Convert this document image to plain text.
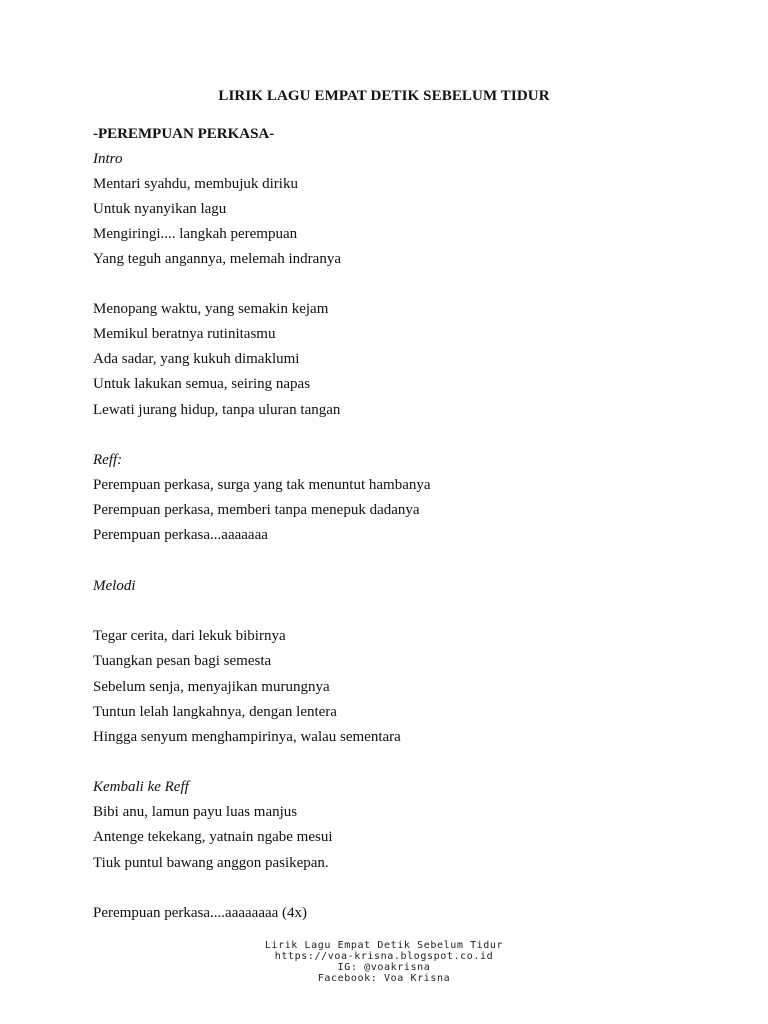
LIRIK LAGU EMPAT DETIK SEBELUM TIDUR
-PEREMPUAN PERKASA-
Intro
Mentari syahdu, membujuk diriku
Untuk nyanyikan lagu
Mengiringi.... langkah perempuan
Yang teguh angannya, melemah indranya
Menopang waktu, yang semakin kejam
Memikul beratnya rutinitasmu
Ada sadar, yang kukuh dimaklumi
Untuk lakukan semua, seiring napas
Lewati jurang hidup, tanpa uluran tangan
Reff:
Perempuan perkasa, surga yang tak menuntut hambanya
Perempuan perkasa, memberi tanpa menepuk dadanya
Perempuan perkasa...aaaaaaa
Melodi
Tegar cerita, dari lekuk bibirnya
Tuangkan pesan bagi semesta
Sebelum senja, menyajikan murungnya
Tuntun lelah langkahnya, dengan lentera
Hingga senyum menghampirinya, walau sementara
Kembali ke Reff
Bibi anu, lamun payu luas manjus
Antenge tekekang, yatnain ngabe mesui
Tiuk puntul bawang anggon pasikepan.
Perempuan perkasa....aaaaaaaa (4x)
Lirik Lagu Empat Detik Sebelum Tidur
https://voa-krisna.blogspot.co.id
IG: @voakrisna
Facebook: Voa Krisna
